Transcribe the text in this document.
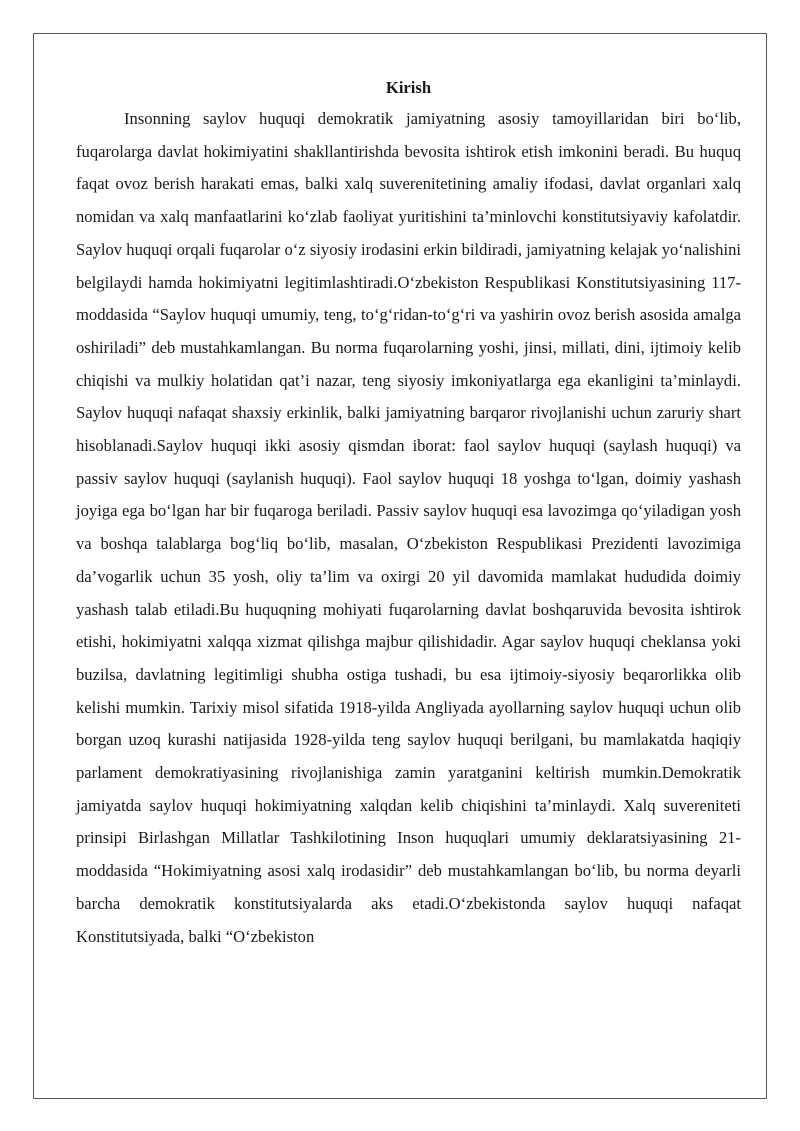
Kirish

Insonning saylov huquqi demokratik jamiyatning asosiy tamoyillaridan biri bo‘lib, fuqarolarga davlat hokimiyatini shakllantirishda bevosita ishtirok etish imkonini beradi. Bu huquq faqat ovoz berish harakati emas, balki xalq suverenitetining amaliy ifodasi, davlat organlari xalq nomidan va xalq manfaatlarini ko‘zlab faoliyat yuritishini ta’minlovchi konstitutsiyaviy kafolatdir. Saylov huquqi orqali fuqarolar o‘z siyosiy irodasini erkin bildiradi, jamiyatning kelajak yo‘nalishini belgilaydi hamda hokimiyatni legitimlashtiradi.O‘zbekiston Respublikasi Konstitutsiyasining 117-moddasida “Saylov huquqi umumiy, teng, to‘g‘ridan-to‘g‘ri va yashirin ovoz berish asosida amalga oshiriladi” deb mustahkamlangan. Bu norma fuqarolarning yoshi, jinsi, millati, dini, ijtimoiy kelib chiqishi va mulkiy holatidan qat’i nazar, teng siyosiy imkoniyatlarga ega ekanligini ta’minlaydi. Saylov huquqi nafaqat shaxsiy erkinlik, balki jamiyatning barqaror rivojlanishi uchun zaruriy shart hisoblanadi.Saylov huquqi ikki asosiy qismdan iborat: faol saylov huquqi (saylash huquqi) va passiv saylov huquqi (saylanish huquqi). Faol saylov huquqi 18 yoshga to‘lgan, doimiy yashash joyiga ega bo‘lgan har bir fuqaroga beriladi. Passiv saylov huquqi esa lavozimga qo‘yiladigan yosh va boshqa talablarga bog‘liq bo‘lib, masalan, O‘zbekiston Respublikasi Prezidenti lavozimiga da’vogarlik uchun 35 yosh, oliy ta’lim va oxirgi 20 yil davomida mamlakat hududida doimiy yashash talab etiladi.Bu huquqning mohiyati fuqarolarning davlat boshqaruvida bevosita ishtirok etishi, hokimiyatni xalqqa xizmat qilishga majbur qilishidadir. Agar saylov huquqi cheklansa yoki buzilsa, davlatning legitimligi shubha ostiga tushadi, bu esa ijtimoiy-siyosiy beqarorlikka olib kelishi mumkin. Tarixiy misol sifatida 1918-yilda Angliyada ayollarning saylov huquqi uchun olib borgan uzoq kurashi natijasida 1928-yilda teng saylov huquqi berilgani, bu mamlakatda haqiqiy parlament demokratiyasining rivojlanishiga zamin yaratganini keltirish mumkin.Demokratik jamiyatda saylov huquqi hokimiyatning xalqdan kelib chiqishini ta’minlaydi. Xalq suvereniteti prinsipi Birlashgan Millatlar Tashkilotining Inson huquqlari umumiy deklaratsiyasining 21-moddasida “Hokimiyatning asosi xalq irodasidir” deb mustahkamlangan bo‘lib, bu norma deyarli barcha demokratik konstitutsiyalarda aks etadi.O‘zbekistonda saylov huquqi nafaqat Konstitutsiyada, balki “O‘zbekiston
